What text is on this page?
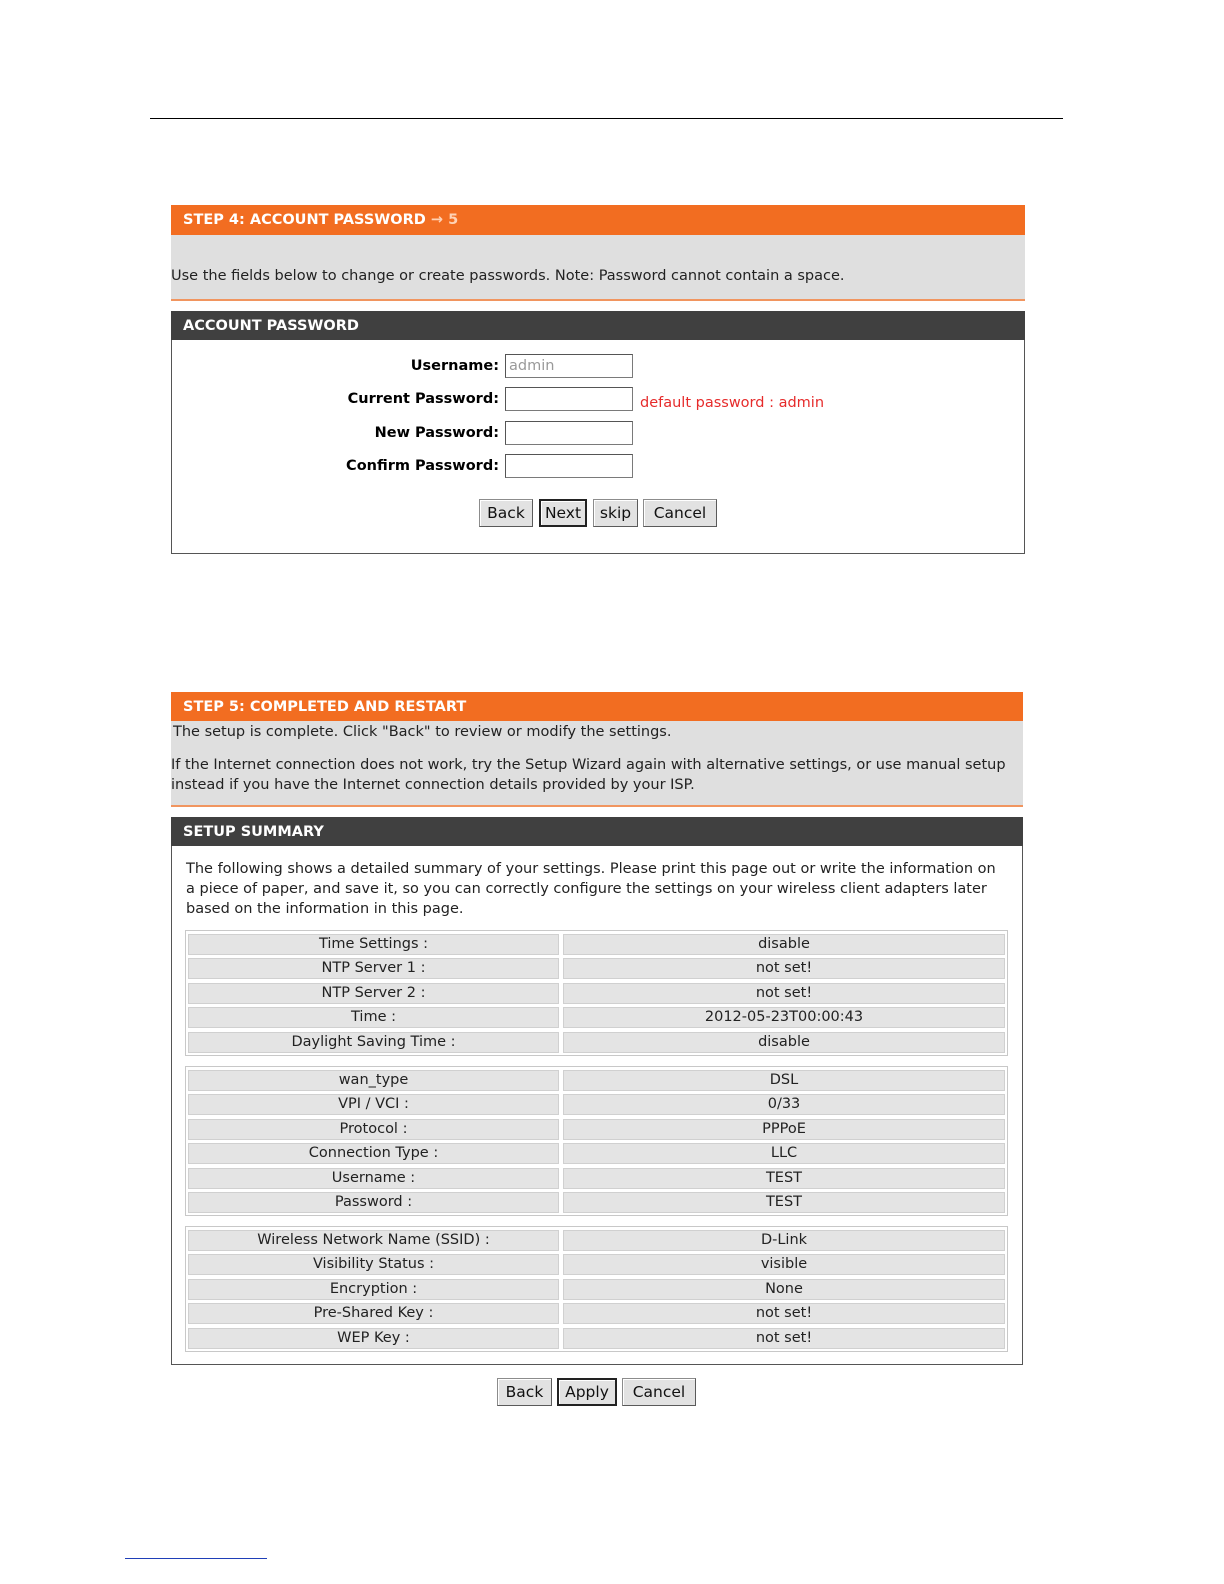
STEP 4: ACCOUNT PASSWORD
→ 5
Use the fields below to change or create passwords. Note: Password cannot contain a space.
ACCOUNT PASSWORD
Username:
admin
Current Password:	default password : admin
New Password:
Confirm Password:
Back	Next	skip	Cancel
STEP 5: COMPLETED AND RESTART
The setup is complete. Click "Back" to review or modify the settings.
If the Internet connection does not work, try the Setup Wizard again with alternative settings, or use manual setup instead if you have the Internet connection details provided by your ISP.
SETUP SUMMARY
The following shows a detailed summary of your settings. Please print this page out or write the information on a piece of paper, and save it, so you can correctly configure the settings on your wireless client adapters later based on the information in this page.
Time Settings :	disable
NTP Server 1 :	not set!
NTP Server 2 :	not set!
Time :	2012-05-23T00:00:43
Daylight Saving Time :	disable
wan_type	DSL
VPI / VCI :	0/33
Protocol :	PPPoE
Connection Type :	LLC
Username :	TEST
Password :	TEST
Wireless Network Name (SSID) :	D-Link
Visibility Status :	visible
Encryption :	None
Pre-Shared Key :	not set!
WEP Key :	not set!
Back	Apply	Cancel
